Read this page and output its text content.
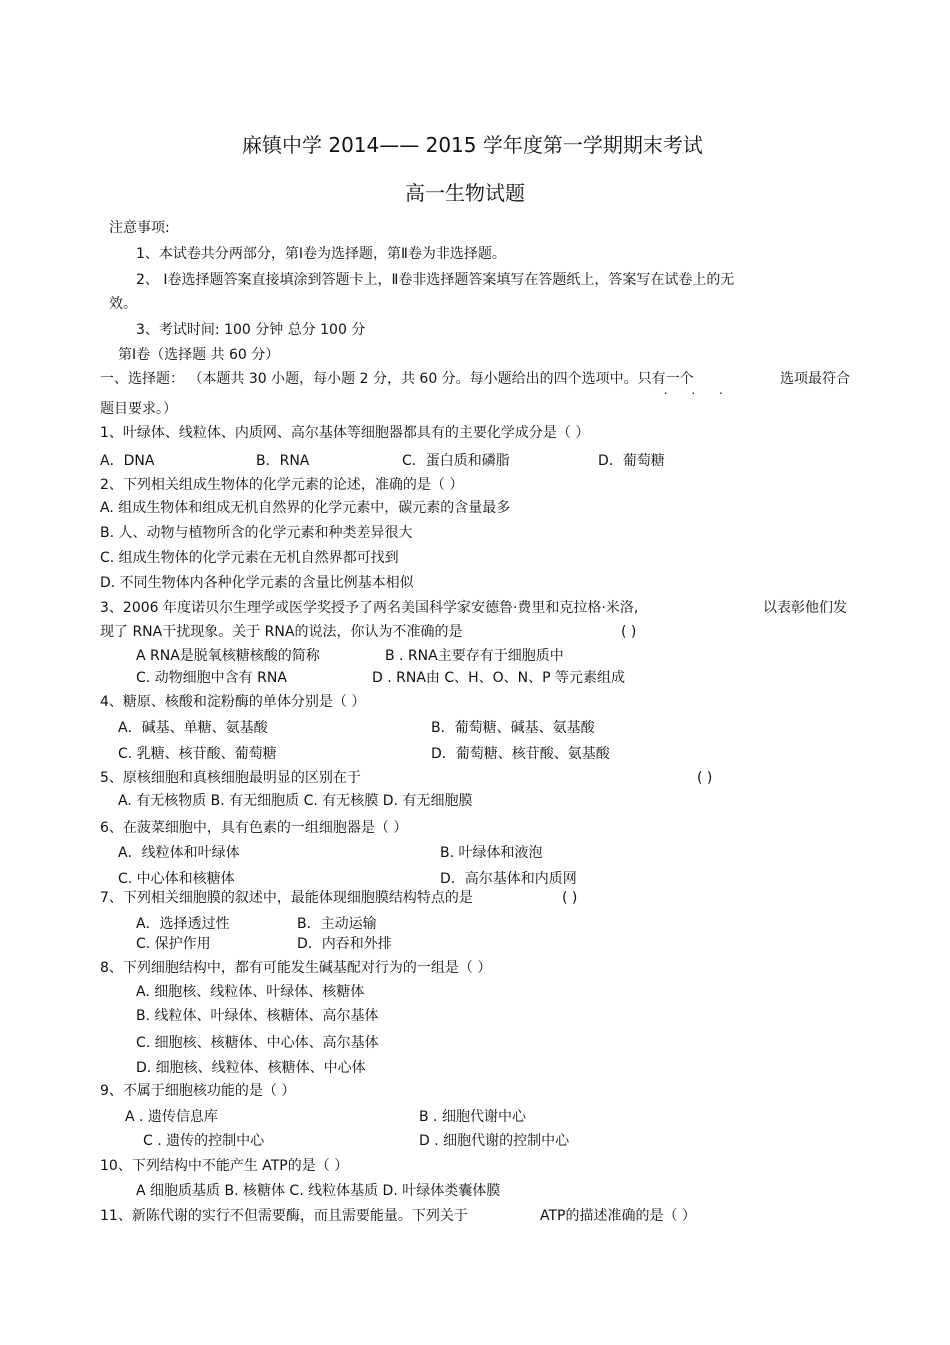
麻镇中学 2014—— 2015 学年度第一学期期末考试
高一生物试题
注意事项:
1、本试卷共分两部分，第Ⅰ卷为选择题，第Ⅱ卷为非选择题。
2、 Ⅰ卷选择题答案直接填涂到答题卡上，Ⅱ卷非选择题答案填写在答题纸上，答案写在试卷上的无
效。
3、考试时间: 100 分钟 总分 100 分
第Ⅰ卷（选择题 共 60 分）
一、选择题： （本题共 30 小题，每小题 2 分，共 60 分。每小题给出的四个选项中。只有一个 . . .	选项最符合
题目要求。）
1、叶绿体、线粒体、内质网、高尔基体等细胞器都具有的主要化学成分是（ ）
A．DNA	B．RNA	C．蛋白质和磷脂	D．葡萄糖
2、下列相关组成生物体的化学元素的论述，准确的是（ ）
A. 组成生物体和组成无机自然界的化学元素中，碳元素的含量最多
B. 人、动物与植物所含的化学元素和种类差异很大
C. 组成生物体的化学元素在无机自然界都可找到
D. 不同生物体内各种化学元素的含量比例基本相似
3、2006 年度诺贝尔生理学或医学奖授予了两名美国科学家安德鲁·费里和克拉格·米洛,	以表彰他们发
现了 RNA干扰现象。关于 RNA的说法，你认为不准确的是	( )
A RNA是脱氧核糖核酸的简称	B . RNA主要存有于细胞质中
C. 动物细胞中含有 RNA	D . RNA由 C、H、O、N、P 等元素组成
4、糖原、核酸和淀粉酶的单体分别是（ ）
A．碱基、单糖、氨基酸	B．葡萄糖、碱基、氨基酸
C. 乳糖、核苷酸、葡萄糖	D．葡萄糖、核苷酸、氨基酸
5、原核细胞和真核细胞最明显的区别在于	( )
A. 有无核物质 B. 有无细胞质 C. 有无核膜 D. 有无细胞膜
6、在菠菜细胞中，具有色素的一组细胞器是（ ）
A．线粒体和叶绿体	B. 叶绿体和液泡
C. 中心体和核糖体	D．高尔基体和内质网
7、下列相关细胞膜的叙述中，最能体现细胞膜结构特点的是	( )
A．选择透过性	B．主动运输
C. 保护作用	D．内吞和外排
8、下列细胞结构中，都有可能发生碱基配对行为的一组是（ ）
A. 细胞核、线粒体、叶绿体、核糖体
B. 线粒体、叶绿体、核糖体、高尔基体
C. 细胞核、核糖体、中心体、高尔基体
D. 细胞核、线粒体、核糖体、中心体
9、不属于细胞核功能的是（ ）
A . 遗传信息库	B . 细胞代谢中心
C . 遗传的控制中心	D . 细胞代谢的控制中心
10、下列结构中不能产生 ATP的是（ ）
A 细胞质基质 B. 核糖体 C. 线粒体基质 D. 叶绿体类囊体膜
11、新陈代谢的实行不但需要酶，而且需要能量。下列关于	ATP的描述准确的是（ ）
